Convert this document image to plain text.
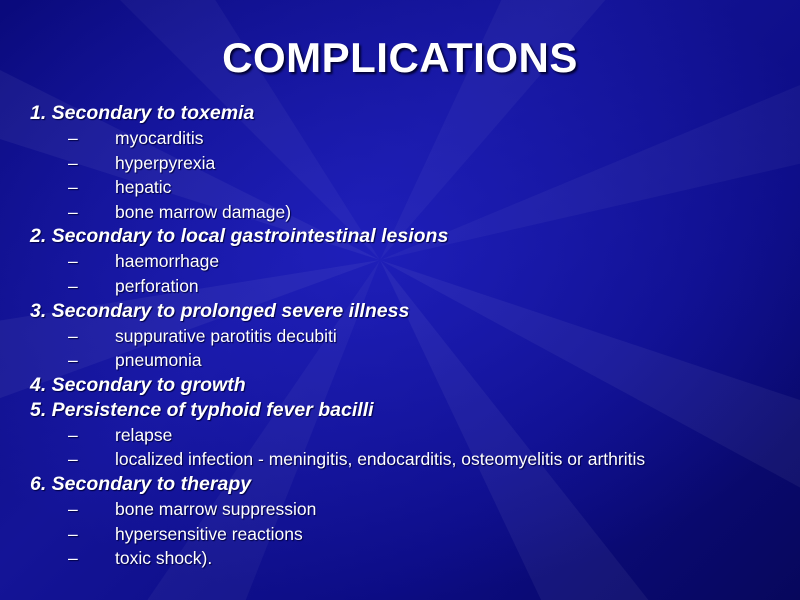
COMPLICATIONS
1. Secondary to toxemia
– myocarditis
– hyperpyrexia
– hepatic
– bone marrow damage)
2. Secondary to local gastrointestinal lesions
– haemorrhage
– perforation
3. Secondary to prolonged severe illness
– suppurative parotitis decubiti
– pneumonia
4. Secondary to growth
5. Persistence of typhoid fever bacilli
– relapse
– localized infection - meningitis, endocarditis, osteomyelitis or arthritis
6. Secondary to therapy
– bone marrow suppression
– hypersensitive reactions
– toxic shock).
